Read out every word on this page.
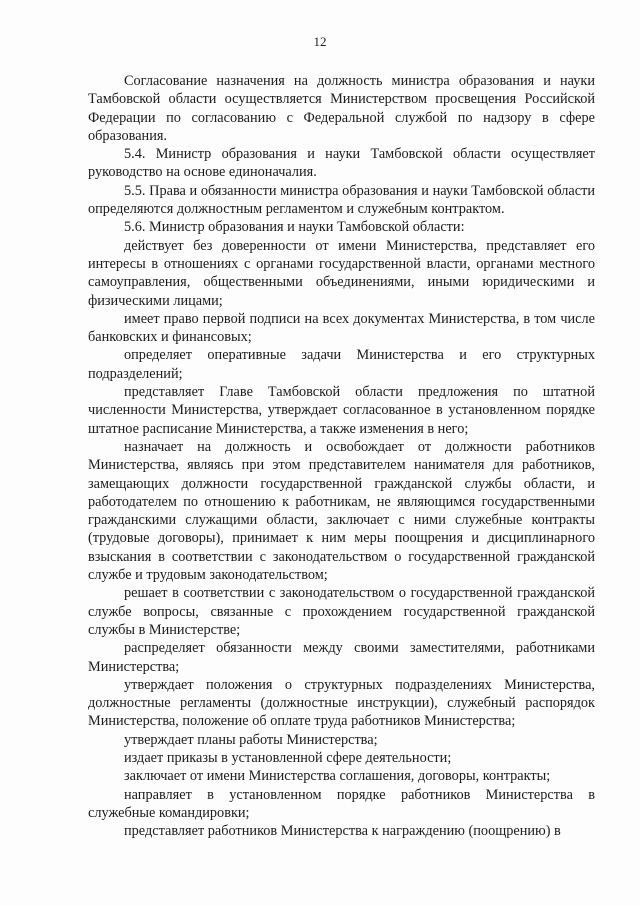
12

Согласование назначения на должность министра образования и науки Тамбовской области осуществляется Министерством просвещения Российской Федерации по согласованию с Федеральной службой по надзору в сфере образования.

5.4. Министр образования и науки Тамбовской области осуществляет руководство на основе единоначалия.

5.5. Права и обязанности министра образования и науки Тамбовской области определяются должностным регламентом и служебным контрактом.

5.6. Министр образования и науки Тамбовской области:

действует без доверенности от имени Министерства, представляет его интересы в отношениях с органами государственной власти, органами местного самоуправления, общественными объединениями, иными юридическими и физическими лицами;

имеет право первой подписи на всех документах Министерства, в том числе банковских и финансовых;

определяет оперативные задачи Министерства и его структурных подразделений;

представляет Главе Тамбовской области предложения по штатной численности Министерства, утверждает согласованное в установленном порядке штатное расписание Министерства, а также изменения в него;

назначает на должность и освобождает от должности работников Министерства, являясь при этом представителем нанимателя для работников, замещающих должности государственной гражданской службы области, и работодателем по отношению к работникам, не являющимся государственными гражданскими служащими области, заключает с ними служебные контракты (трудовые договоры), принимает к ним меры поощрения и дисциплинарного взыскания в соответствии с законодательством о государственной гражданской службе и трудовым законодательством;

решает в соответствии с законодательством о государственной гражданской службе вопросы, связанные с прохождением государственной гражданской службы в Министерстве;

распределяет обязанности между своими заместителями, работниками Министерства;

утверждает положения о структурных подразделениях Министерства, должностные регламенты (должностные инструкции), служебный распорядок Министерства, положение об оплате труда работников Министерства;

утверждает планы работы Министерства;

издает приказы в установленной сфере деятельности;

заключает от имени Министерства соглашения, договоры, контракты;

направляет в установленном порядке работников Министерства в служебные командировки;

представляет работников Министерства к награждению (поощрению) в
